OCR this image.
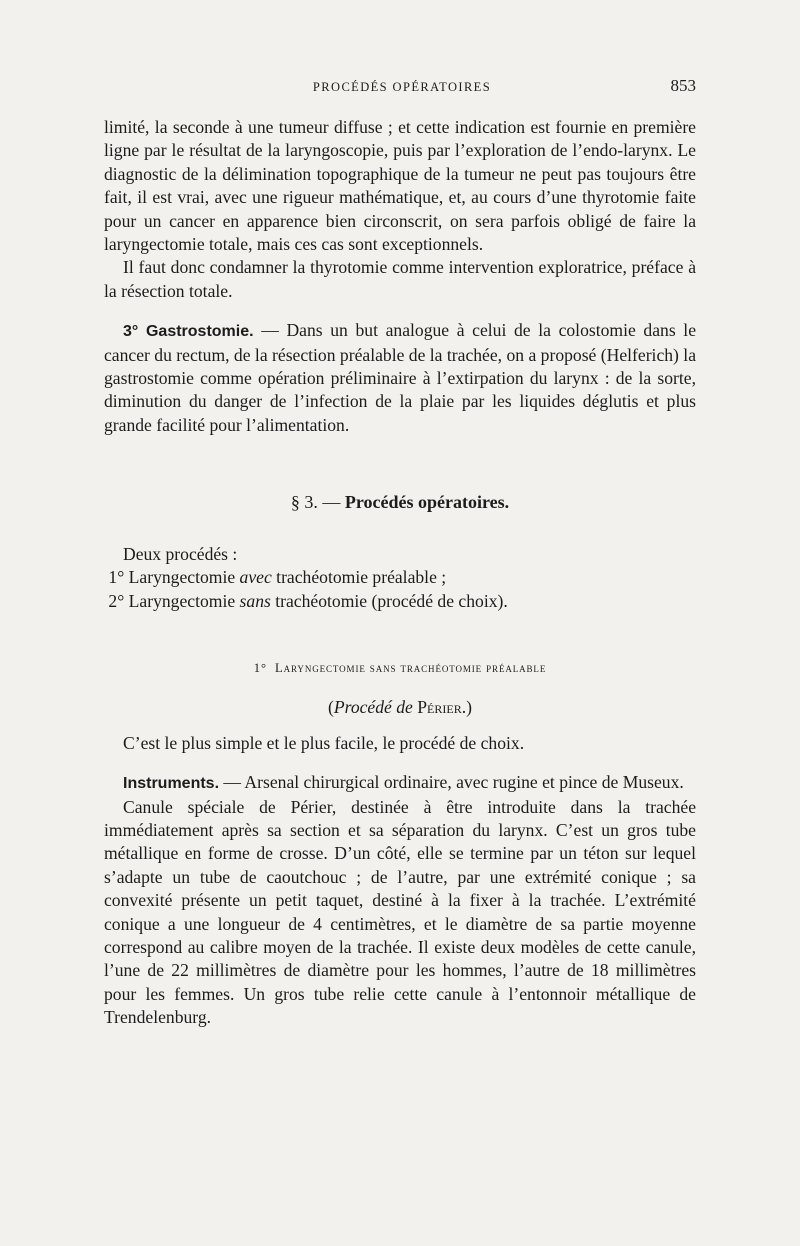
PROCÉDÉS OPÉRATOIRES	853

limité, la seconde à une tumeur diffuse ; et cette indication est fournie en première ligne par le résultat de la laryngoscopie, puis par l’exploration de l’endo-larynx. Le diagnostic de la délimination topographique de la tumeur ne peut pas toujours être fait, il est vrai, avec une rigueur mathématique, et, au cours d’une thyrotomie faite pour un cancer en apparence bien circonscrit, on sera parfois obligé de faire la laryngectomie totale, mais ces cas sont exceptionnels.

Il faut donc condamner la thyrotomie comme intervention exploratrice, préface à la résection totale.

3° Gastrostomie. — Dans un but analogue à celui de la colostomie dans le cancer du rectum, de la résection préalable de la trachée, on a proposé (Helferich) la gastrostomie comme opération préliminaire à l’extirpation du larynx : de la sorte, diminution du danger de l’infection de la plaie par les liquides déglutis et plus grande facilité pour l’alimentation.

§ 3. — Procédés opératoires.

Deux procédés :

1° Laryngectomie avec trachéotomie préalable ;

2° Laryngectomie sans trachéotomie (procédé de choix).

1° Laryngectomie sans trachéotomie préalable

(Procédé de Périer.)

C’est le plus simple et le plus facile, le procédé de choix.

Instruments. — Arsenal chirurgical ordinaire, avec rugine et pince de Museux.

Canule spéciale de Périer, destinée à être introduite dans la trachée immédiatement après sa section et sa séparation du larynx. C’est un gros tube métallique en forme de crosse. D’un côté, elle se termine par un téton sur lequel s’adapte un tube de caoutchouc ; de l’autre, par une extrémité conique ; sa convexité présente un petit taquet, destiné à la fixer à la trachée. L’extrémité conique a une longueur de 4 centimètres, et le diamètre de sa partie moyenne correspond au calibre moyen de la trachée. Il existe deux modèles de cette canule, l’une de 22 millimètres de diamètre pour les hommes, l’autre de 18 millimètres pour les femmes. Un gros tube relie cette canule à l’entonnoir métallique de Trendelenburg.
